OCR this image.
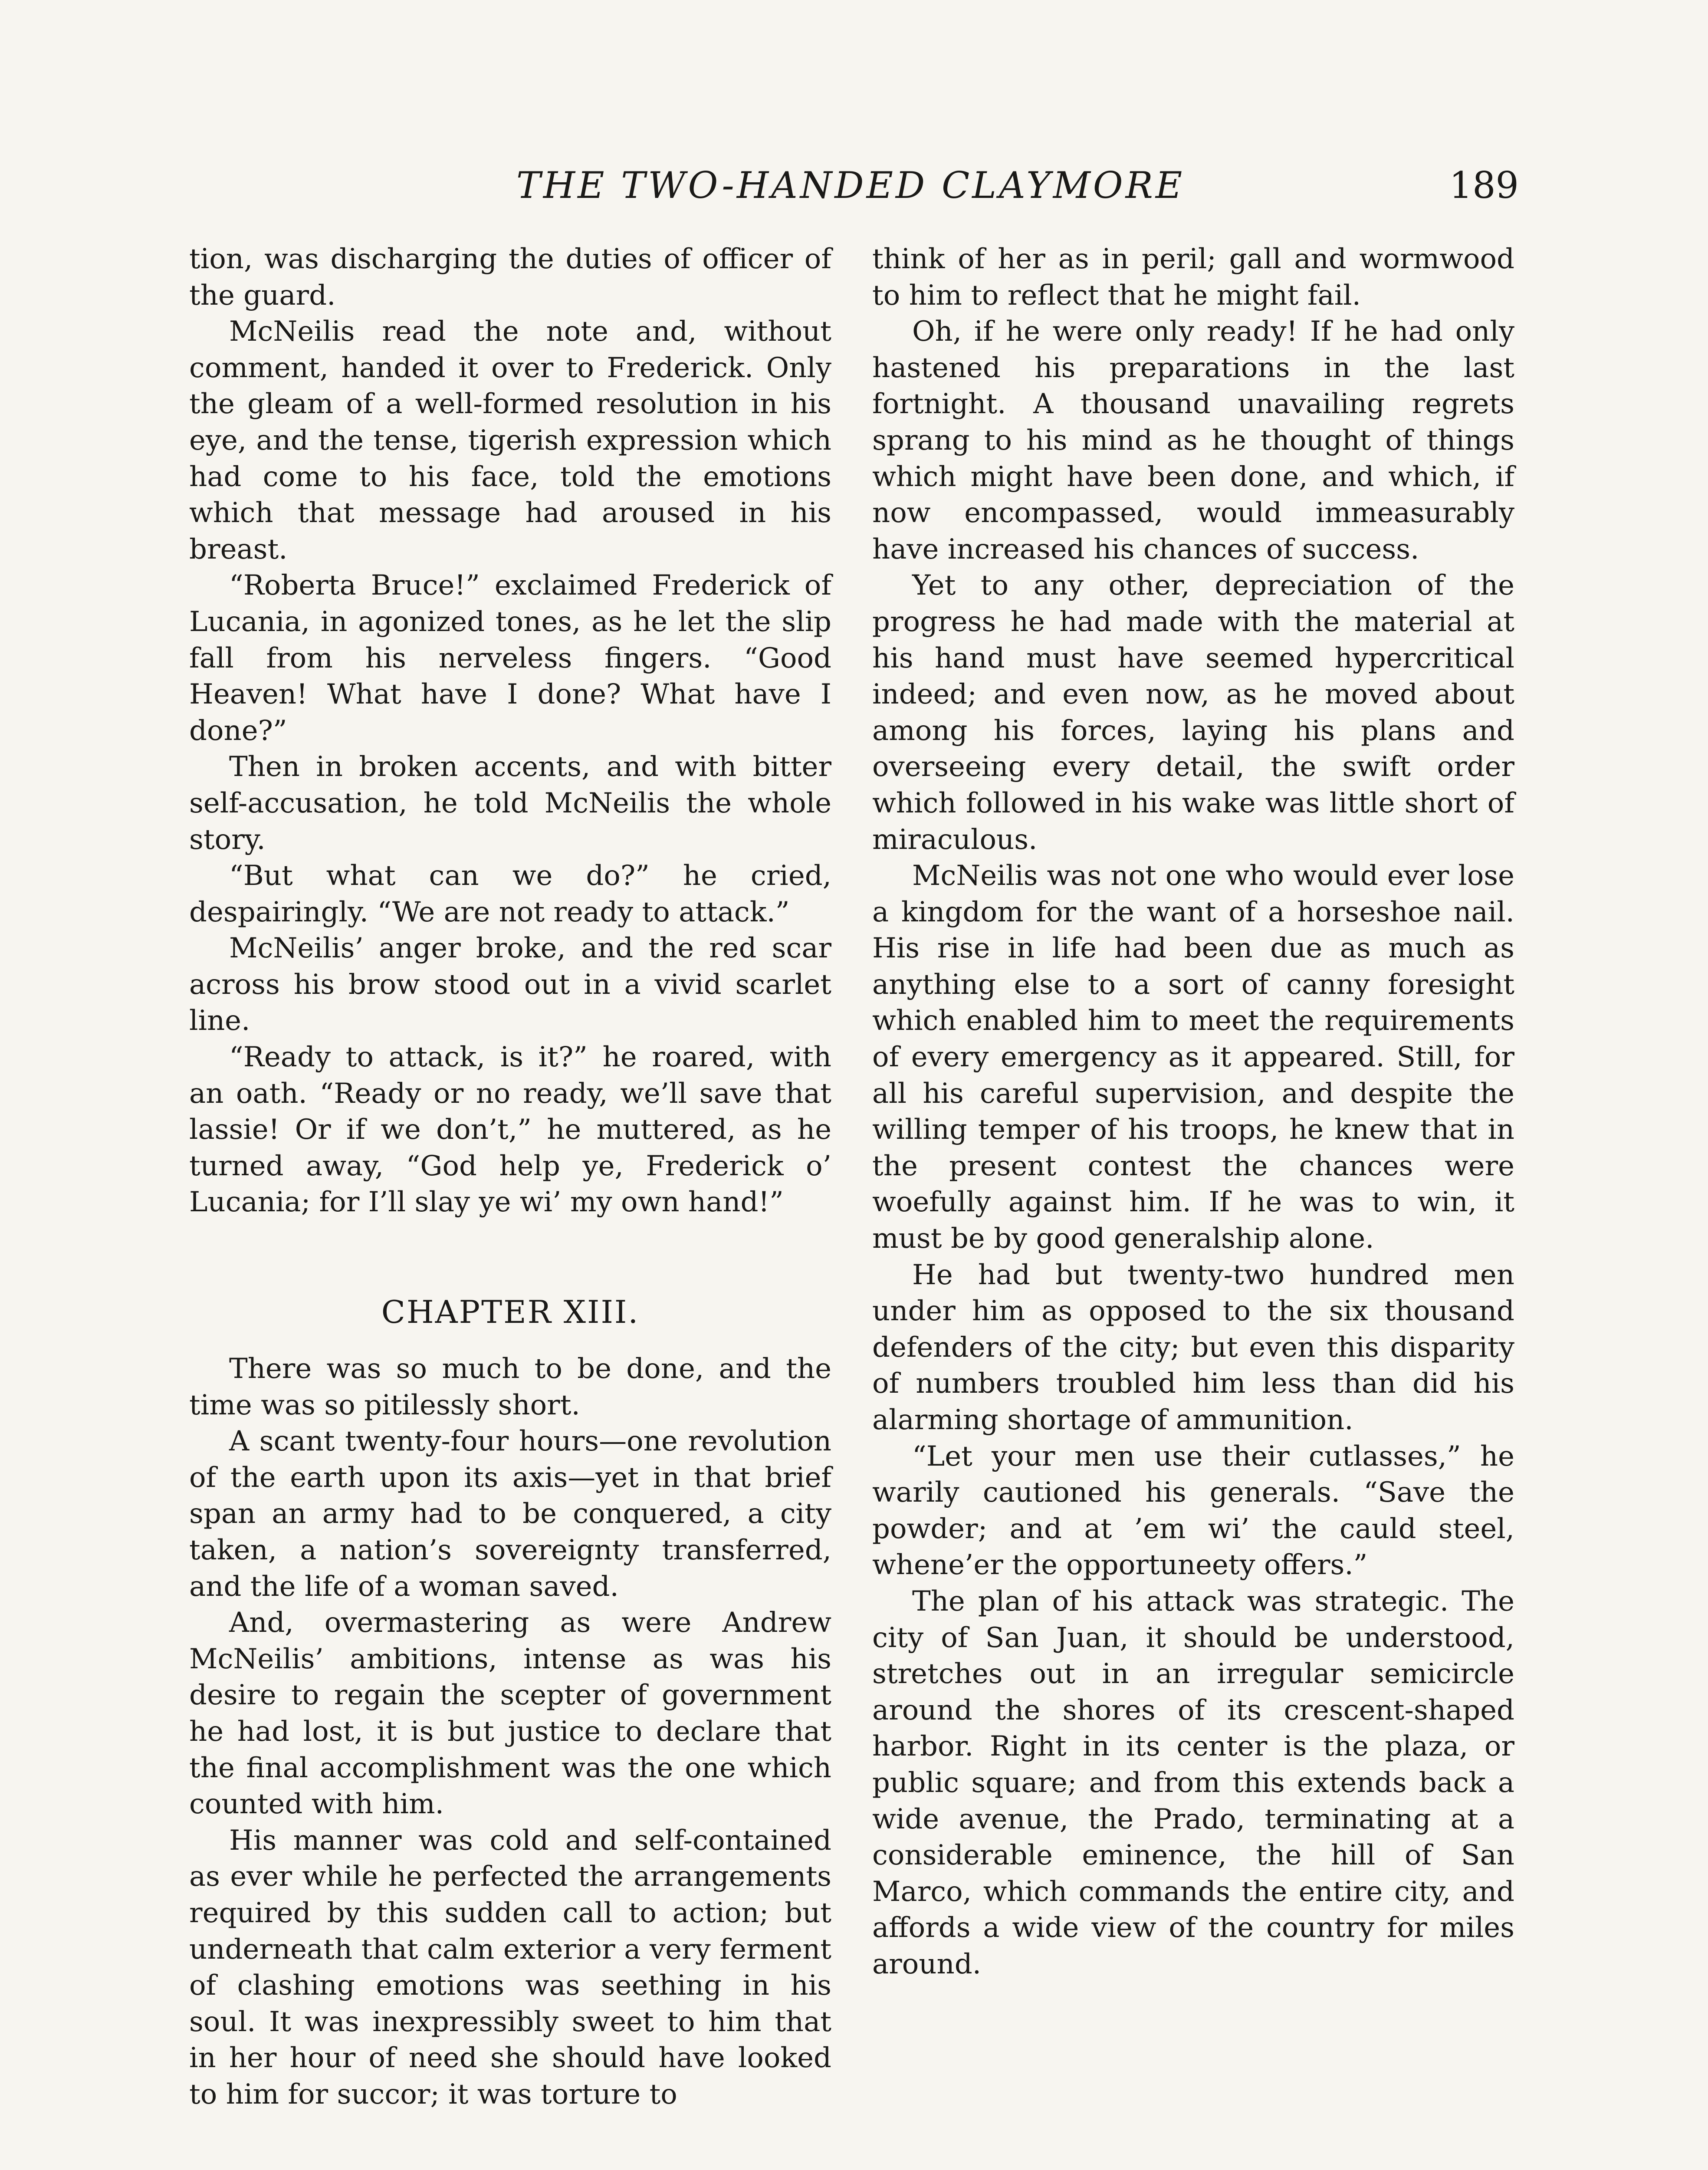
THE TWO-HANDED CLAYMORE	189

tion, was discharging the duties of officer of the guard.

McNeilis read the note and, without comment, handed it over to Frederick. Only the gleam of a well-formed resolution in his eye, and the tense, tigerish expression which had come to his face, told the emotions which that message had aroused in his breast.

“Roberta Bruce!” exclaimed Frederick of Lucania, in agonized tones, as he let the slip fall from his nerveless fingers. “Good Heaven! What have I done? What have I done?”

Then in broken accents, and with bitter self-accusation, he told McNeilis the whole story.

“But what can we do?” he cried, despairingly. “We are not ready to attack.”

McNeilis’ anger broke, and the red scar across his brow stood out in a vivid scarlet line.

“Ready to attack, is it?” he roared, with an oath. “Ready or no ready, we’ll save that lassie! Or if we don’t,” he muttered, as he turned away, “God help ye, Frederick o’ Lucania; for I’ll slay ye wi’ my own hand!”

CHAPTER XIII.

There was so much to be done, and the time was so pitilessly short.

A scant twenty-four hours—one revolution of the earth upon its axis—yet in that brief span an army had to be conquered, a city taken, a nation’s sovereignty transferred, and the life of a woman saved.

And, overmastering as were Andrew McNeilis’ ambitions, intense as was his desire to regain the scepter of government he had lost, it is but justice to declare that the final accomplishment was the one which counted with him.

His manner was cold and self-contained as ever while he perfected the arrangements required by this sudden call to action; but underneath that calm exterior a very ferment of clashing emotions was seething in his soul. It was inexpressibly sweet to him that in her hour of need she should have looked to him for succor; it was torture to

think of her as in peril; gall and wormwood to him to reflect that he might fail.

Oh, if he were only ready! If he had only hastened his preparations in the last fortnight. A thousand unavailing regrets sprang to his mind as he thought of things which might have been done, and which, if now encompassed, would immeasurably have increased his chances of success.

Yet to any other, depreciation of the progress he had made with the material at his hand must have seemed hypercritical indeed; and even now, as he moved about among his forces, laying his plans and overseeing every detail, the swift order which followed in his wake was little short of miraculous.

McNeilis was not one who would ever lose a kingdom for the want of a horseshoe nail. His rise in life had been due as much as anything else to a sort of canny foresight which enabled him to meet the requirements of every emergency as it appeared. Still, for all his careful supervision, and despite the willing temper of his troops, he knew that in the present contest the chances were woefully against him. If he was to win, it must be by good generalship alone.

He had but twenty-two hundred men under him as opposed to the six thousand defenders of the city; but even this disparity of numbers troubled him less than did his alarming shortage of ammunition.

“Let your men use their cutlasses,” he warily cautioned his generals. “Save the powder; and at ’em wi’ the cauld steel, whene’er the opportuneety offers.”

The plan of his attack was strategic. The city of San Juan, it should be understood, stretches out in an irregular semicircle around the shores of its crescent-shaped harbor. Right in its center is the plaza, or public square; and from this extends back a wide avenue, the Prado, terminating at a considerable eminence, the hill of San Marco, which commands the entire city, and affords a wide view of the country for miles around.
